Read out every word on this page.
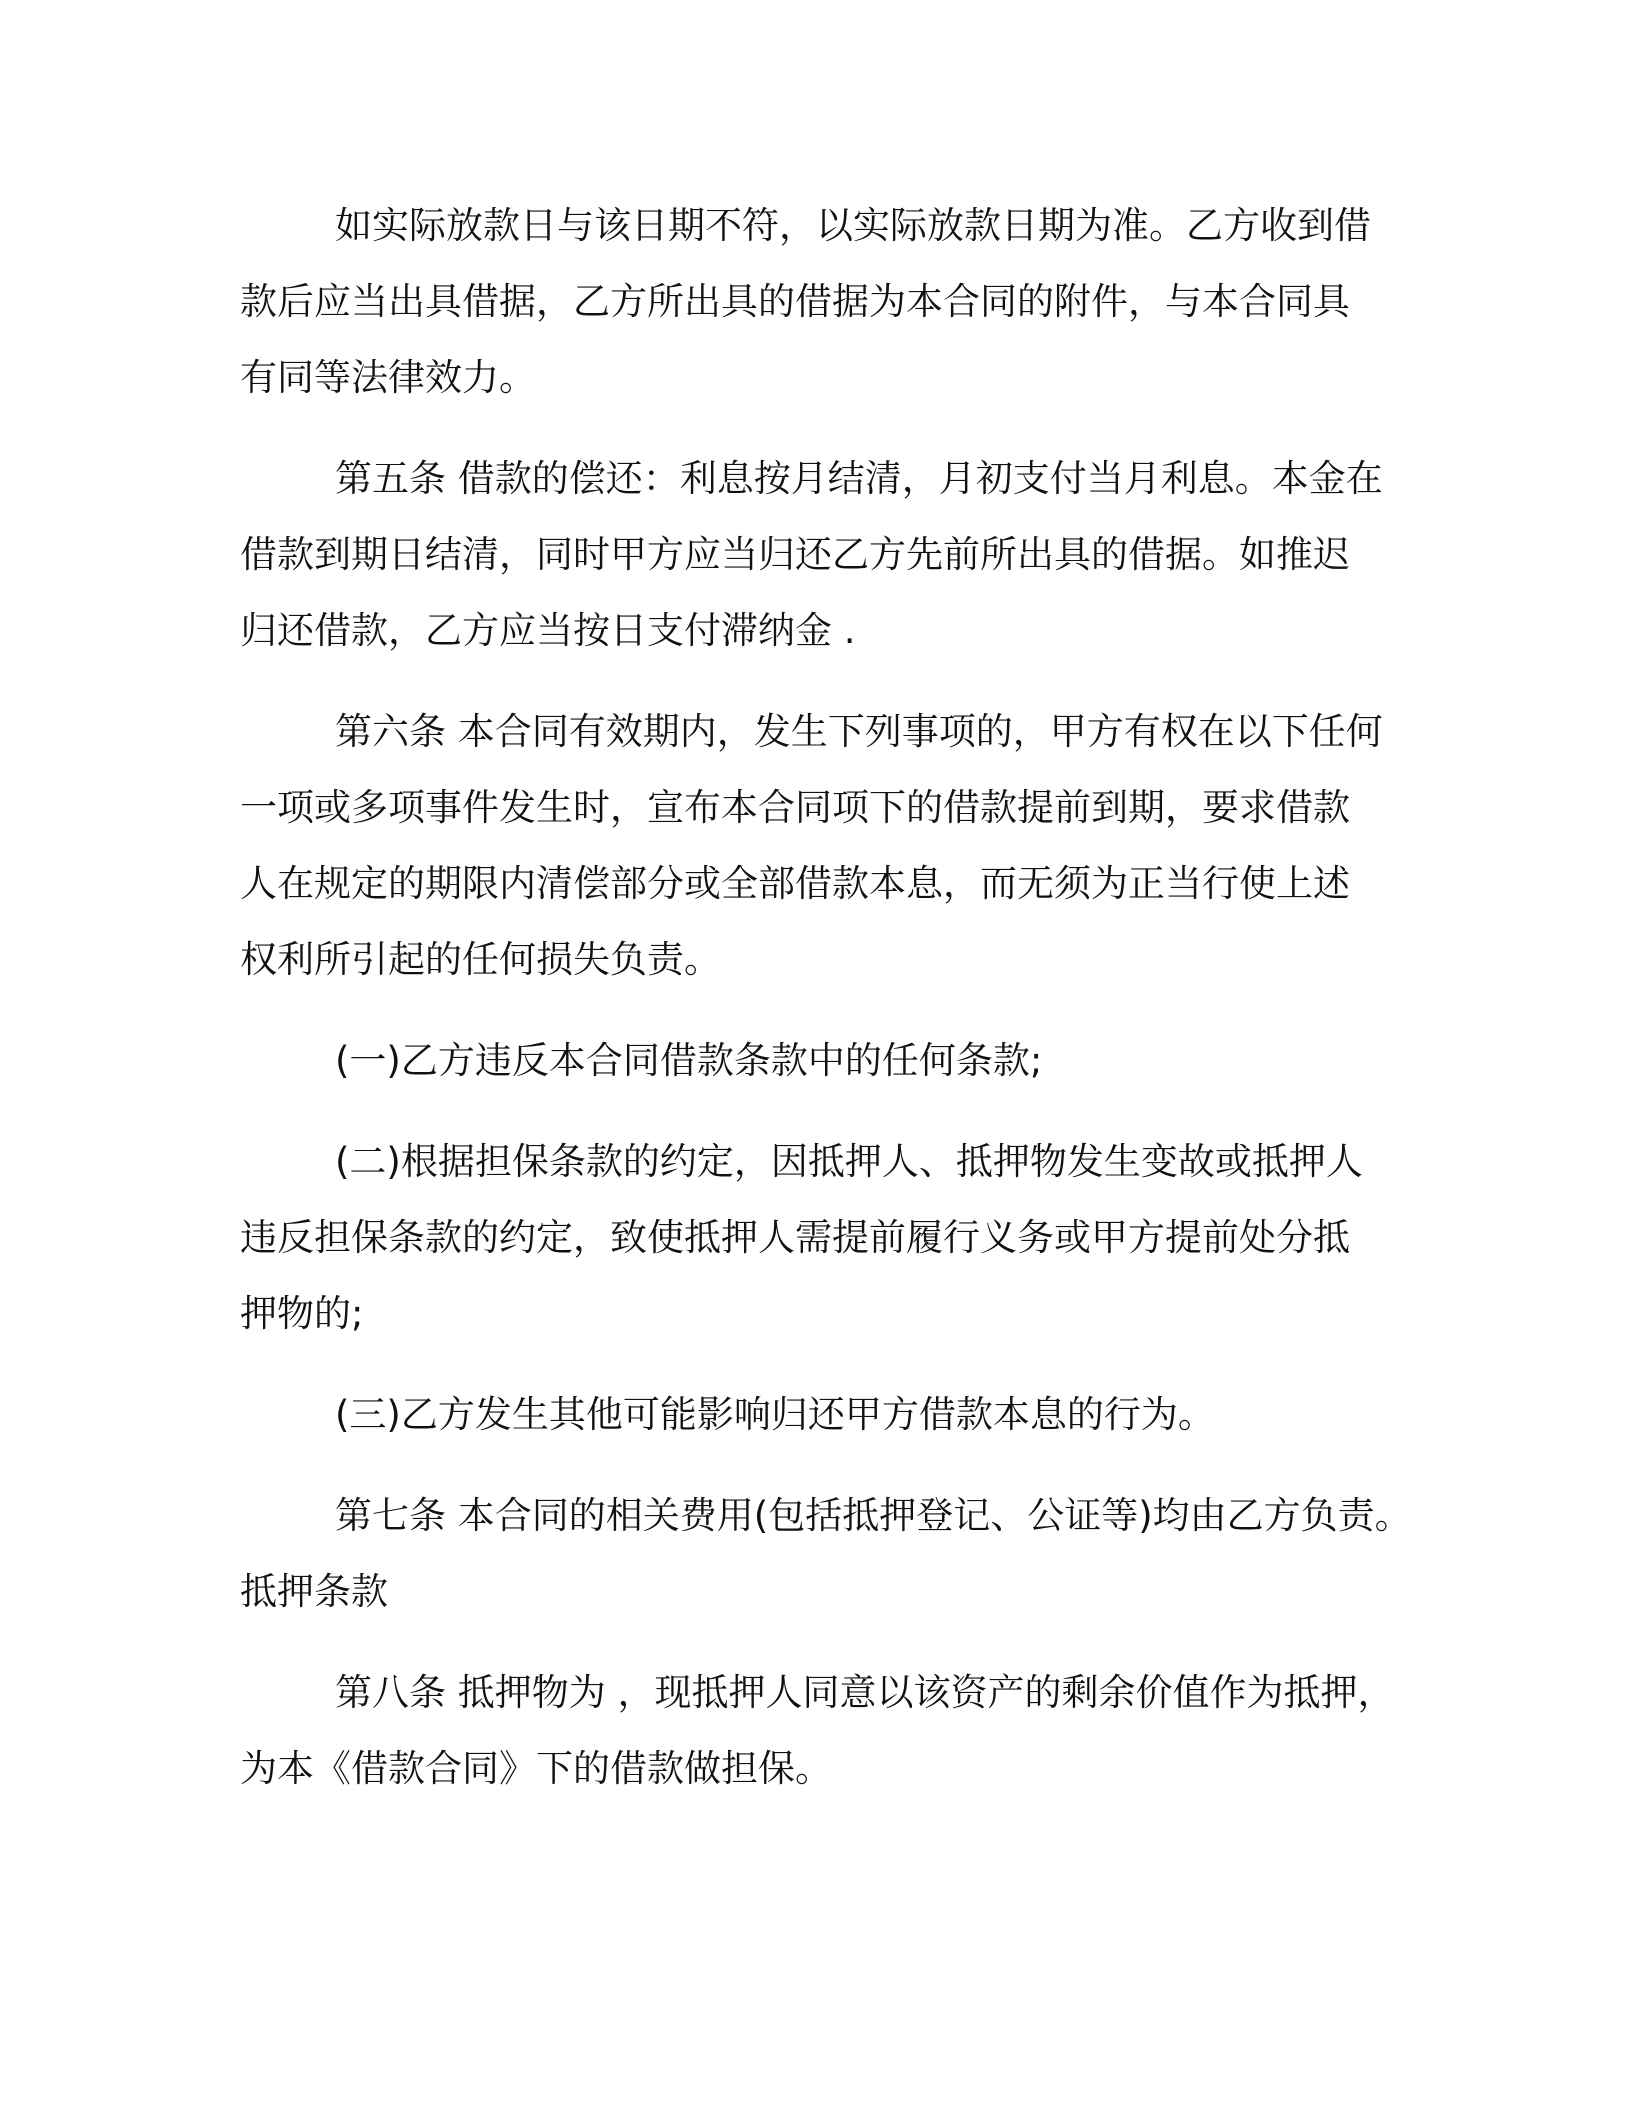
如实际放款日与该日期不符，以实际放款日期为准。乙方收到借
款后应当出具借据，乙方所出具的借据为本合同的附件，与本合同具
有同等法律效力。
第五条 借款的偿还：利息按月结清，月初支付当月利息。本金在
借款到期日结清，同时甲方应当归还乙方先前所出具的借据。如推迟
归还借款，乙方应当按日支付滞纳金 .
第六条 本合同有效期内，发生下列事项的，甲方有权在以下任何
一项或多项事件发生时，宣布本合同项下的借款提前到期，要求借款
人在规定的期限内清偿部分或全部借款本息，而无须为正当行使上述
权利所引起的任何损失负责。
(一)乙方违反本合同借款条款中的任何条款;
(二)根据担保条款的约定，因抵押人、抵押物发生变故或抵押人
违反担保条款的约定，致使抵押人需提前履行义务或甲方提前处分抵
押物的;
(三)乙方发生其他可能影响归还甲方借款本息的行为。
第七条 本合同的相关费用(包括抵押登记、公证等)均由乙方负责。
抵押条款
第八条 抵押物为 ，现抵押人同意以该资产的剩余价值作为抵押，
为本《借款合同》下的借款做担保。
